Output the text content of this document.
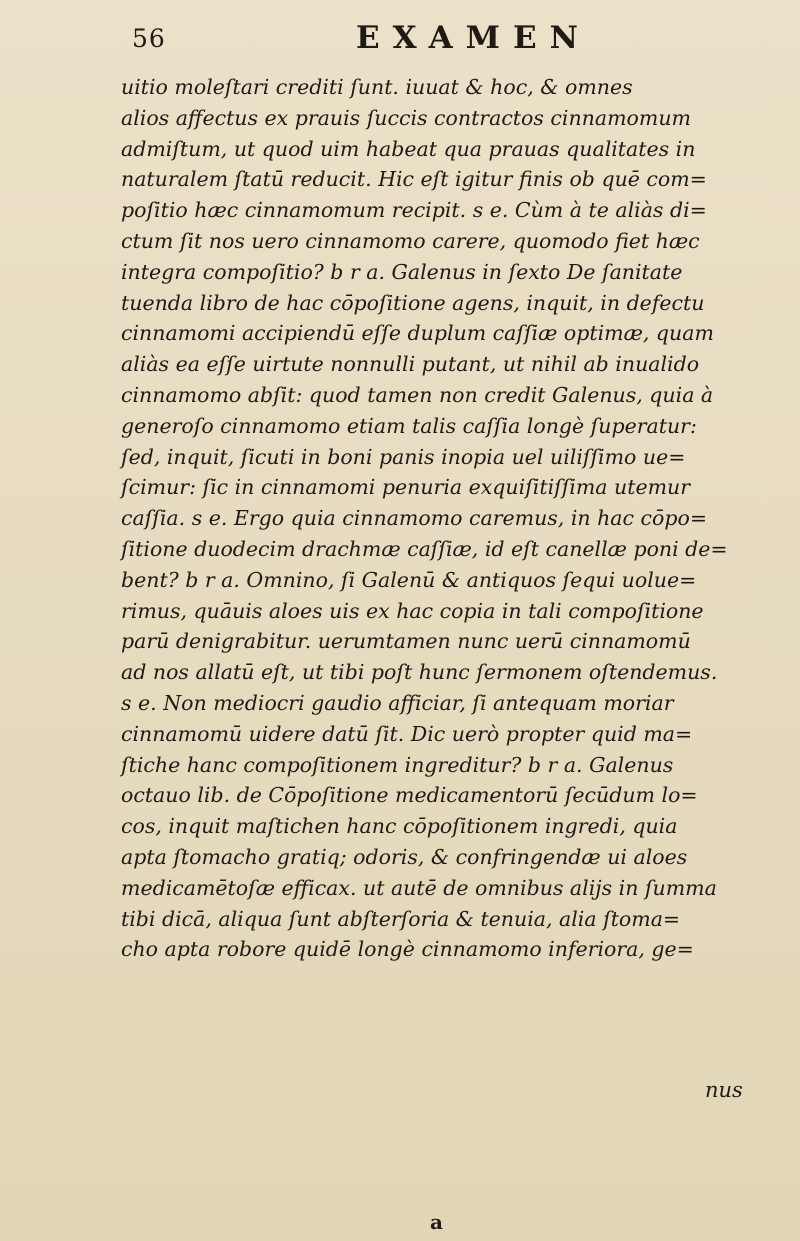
56	EXAMEN
uitio moleſtari crediti ſunt. iuuat & hoc, & omnes
alios affectus ex prauis ſuccis contractos cinnamomum
admiſtum, ut quod uim habeat qua prauas qualitates in
naturalem ſtatū reducit. Hic eſt igitur finis ob quē com=
poſitio hæc cinnamomum recipit. s e. Cùm à te aliàs di=
ctum ſit nos uero cinnamomo carere, quomodo fiet hæc
integra compoſitio? b r a. Galenus in ſexto De ſanitate
tuenda libro de hac cōpoſitione agens, inquit, in defectu
cinnamomi accipiendū eſſe duplum caſſiæ optimæ, quam
aliàs ea eſſe uirtute nonnulli putant, ut nihil ab inualido
cinnamomo abſit: quod tamen non credit Galenus, quia à
generoſo cinnamomo etiam talis caſſia longè ſuperatur:
ſed, inquit, ſicuti in boni panis inopia uel uiliſſimo ue=
ſcimur: ſic in cinnamomi penuria exquiſitiſſima utemur
caſſia. s e. Ergo quia cinnamomo caremus, in hac cōpo=
ſitione duodecim drachmæ caſſiæ, id eſt canellæ poni de=
bent? b r a. Omnino, ſi Galenū & antiquos ſequi uolue=
rimus, quāuis aloes uis ex hac copia in tali compoſitione
parū denigrabitur. uerumtamen nunc uerū cinnamomū
ad nos allatū eſt, ut tibi poſt hunc ſermonem oſtendemus.
s e. Non mediocri gaudio afficiar, ſi antequam moriar
cinnamomū uidere datū ſit. Dic uerò propter quid ma=
ſtiche hanc compoſitionem ingreditur? b r a. Galenus
octauo lib. de Cōpoſitione medicamentorū ſecūdum lo=
cos, inquit maſtichen hanc cōpoſitionem ingredi, quia
apta ſtomacho gratiq; odoris, & confringendæ ui aloes
medicamētoſæ efficax. ut autē de omnibus alijs in ſumma
tibi dicā, aliqua ſunt abſterſoria & tenuia, alia ſtoma=
cho apta robore quidē longè cinnamomo inferiora, ge=
nus
a
